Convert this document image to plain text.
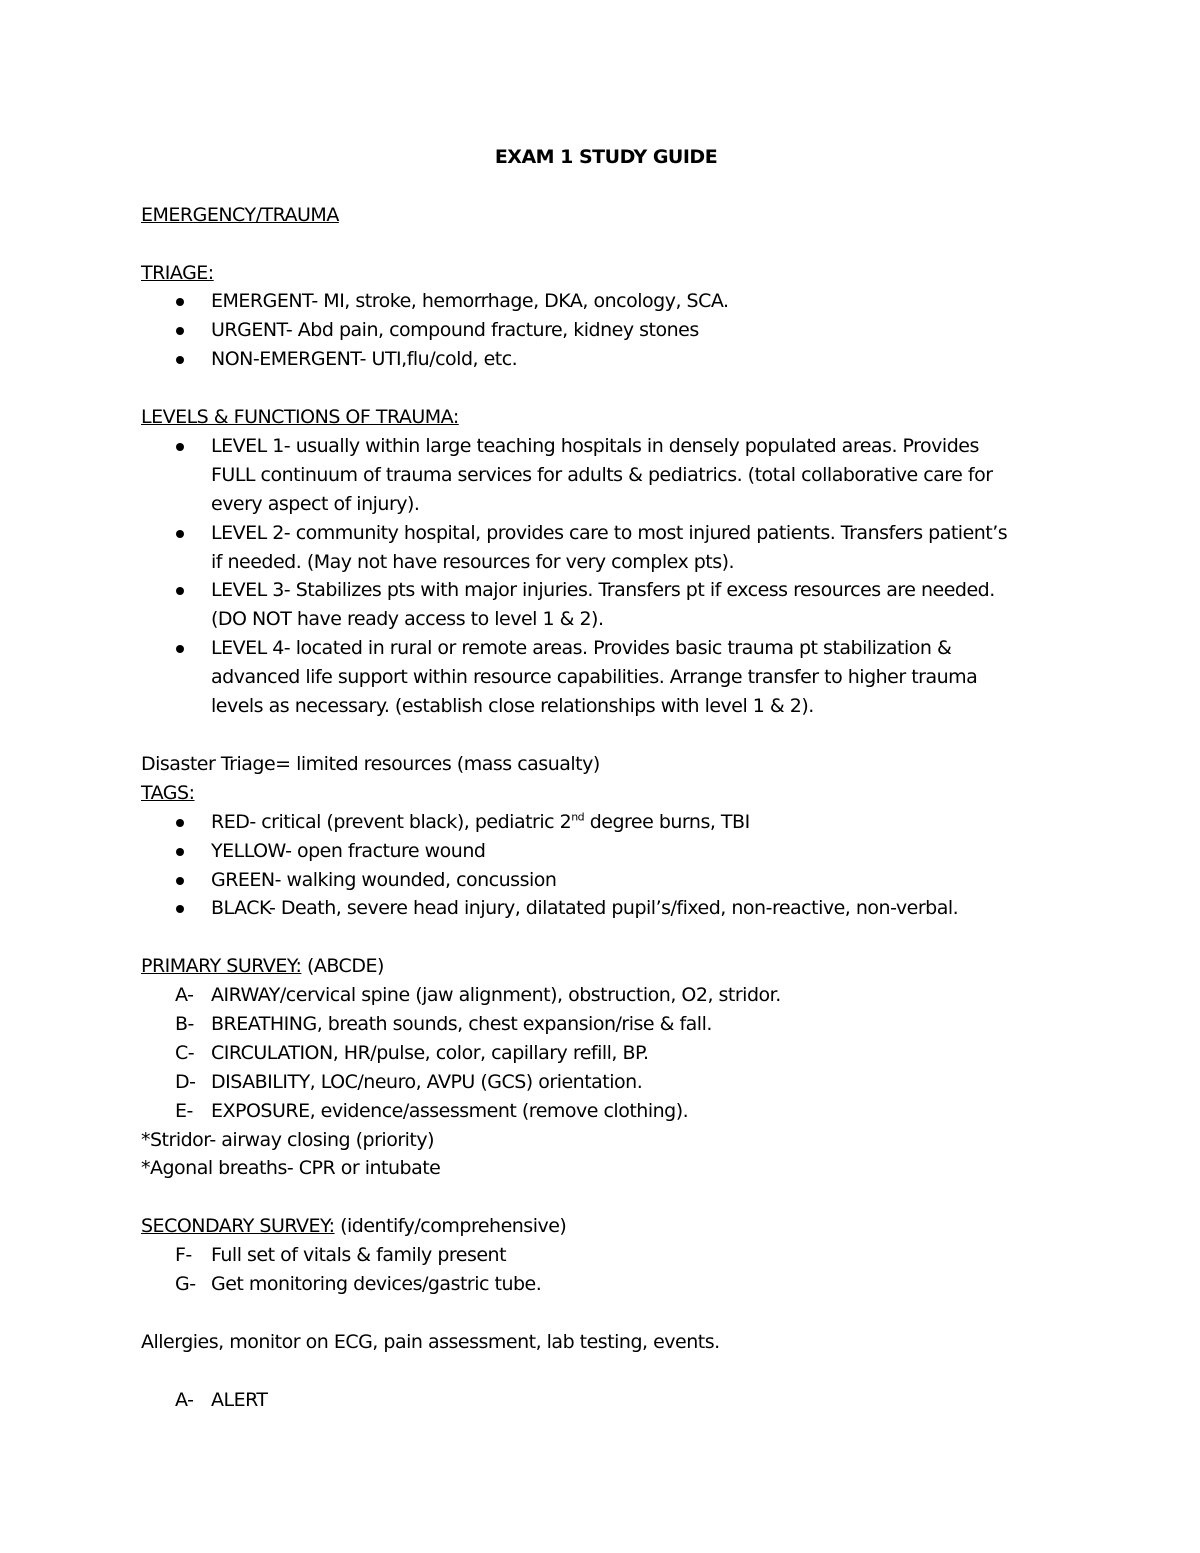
EXAM 1 STUDY GUIDE

EMERGENCY/TRAUMA

TRIAGE:

EMERGENT- MI, stroke, hemorrhage, DKA, oncology, SCA.

URGENT- Abd pain, compound fracture, kidney stones

NON-EMERGENT- UTI,flu/cold, etc.

LEVELS & FUNCTIONS OF TRAUMA:

LEVEL 1- usually within large teaching hospitals in densely populated areas. Provides

FULL continuum of trauma services for adults & pediatrics. (total collaborative care for

every aspect of injury).

LEVEL 2- community hospital, provides care to most injured patients. Transfers patient’s

if needed. (May not have resources for very complex pts).

LEVEL 3- Stabilizes pts with major injuries. Transfers pt if excess resources are needed.

(DO NOT have ready access to level 1 & 2).

LEVEL 4- located in rural or remote areas. Provides basic trauma pt stabilization &

advanced life support within resource capabilities. Arrange transfer to higher trauma

levels as necessary. (establish close relationships with level 1 & 2).

Disaster Triage= limited resources (mass casualty)

TAGS:

RED- critical (prevent black), pediatric 2nd degree burns, TBI

YELLOW- open fracture wound

GREEN- walking wounded, concussion

BLACK- Death, severe head injury, dilatated pupil’s/fixed, non-reactive, non-verbal.

PRIMARY SURVEY: (ABCDE)

A- AIRWAY/cervical spine (jaw alignment), obstruction, O2, stridor.
B- BREATHING, breath sounds, chest expansion/rise & fall.
C- CIRCULATION, HR/pulse, color, capillary refill, BP.
D- DISABILITY, LOC/neuro, AVPU (GCS) orientation.
E- EXPOSURE, evidence/assessment (remove clothing).

*Stridor- airway closing (priority)

*Agonal breaths- CPR or intubate

SECONDARY SURVEY: (identify/comprehensive)

F- Full set of vitals & family present
G- Get monitoring devices/gastric tube.

Allergies, monitor on ECG, pain assessment, lab testing, events.

A- ALERT
